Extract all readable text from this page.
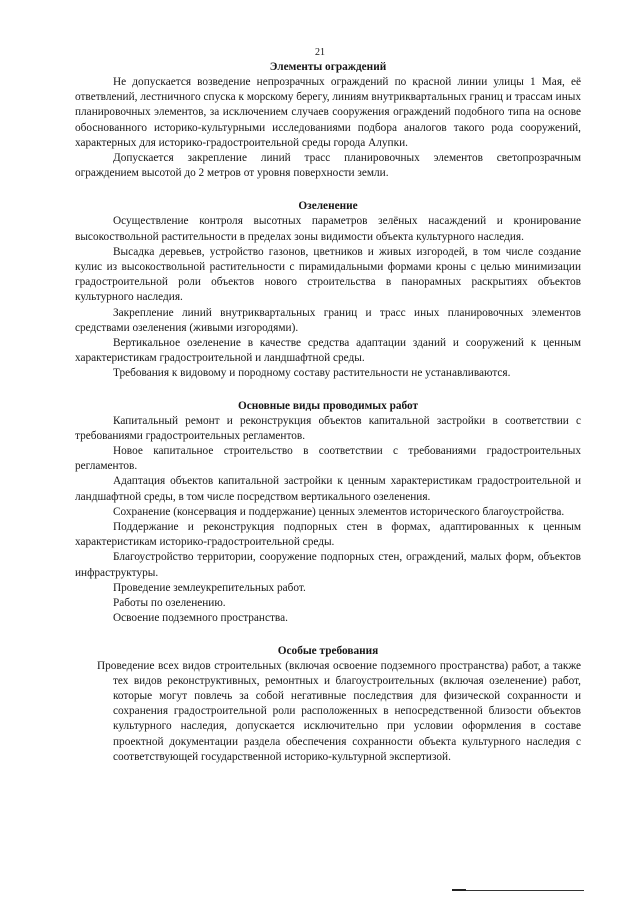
21
Элементы ограждений

Не допускается возведение непрозрачных ограждений по красной линии улицы 1 Мая, её ответвлений, лестничного спуска к морскому берегу, линиям внутриквартальных границ и трассам иных планировочных элементов, за исключением случаев сооружения ограждений подобного типа на основе обоснованного историко-культурными исследованиями подбора аналогов такого рода сооружений, характерных для историко-градостроительной среды города Алупки.

Допускается закрепление линий трасс планировочных элементов светопрозрачным ограждением высотой до 2 метров от уровня поверхности земли.

Озеленение

Осуществление контроля высотных параметров зелёных насаждений и кронирование высокоствольной растительности в пределах зоны видимости объекта культурного наследия.

Высадка деревьев, устройство газонов, цветников и живых изгородей, в том числе создание кулис из высокоствольной растительности с пирамидальными формами кроны с целью минимизации градостроительной роли объектов нового строительства в панорамных раскрытиях объектов культурного наследия.

Закрепление линий внутриквартальных границ и трасс иных планировочных элементов средствами озеленения (живыми изгородями).

Вертикальное озеленение в качестве средства адаптации зданий и сооружений к ценным характеристикам градостроительной и ландшафтной среды.

Требования к видовому и породному составу растительности не устанавливаются.

Основные виды проводимых работ

Капитальный ремонт и реконструкция объектов капитальной застройки в соответствии с требованиями градостроительных регламентов.

Новое капитальное строительство в соответствии с требованиями градостроительных регламентов.

Адаптация объектов капитальной застройки к ценным характеристикам градостроительной и ландшафтной среды, в том числе посредством вертикального озеленения.

Сохранение (консервация и поддержание) ценных элементов исторического благоустройства.

Поддержание и реконструкция подпорных стен в формах, адаптированных к ценным характеристикам историко-градостроительной среды.

Благоустройство территории, сооружение подпорных стен, ограждений, малых форм, объектов инфраструктуры.

Проведение землеукрепительных работ.

Работы по озеленению.

Освоение подземного пространства.

Особые требования
Проведение всех видов строительных (включая освоение подземного пространства) работ, а также тех видов реконструктивных, ремонтных и благоустроительных (включая озеленение) работ, которые могут повлечь за собой негативные последствия для физической сохранности и сохранения градостроительной роли расположенных в непосредственной близости объектов культурного наследия, допускается исключительно при условии оформления в составе проектной документации раздела обеспечения сохранности объекта культурного наследия с соответствующей государственной историко-культурной экспертизой.
